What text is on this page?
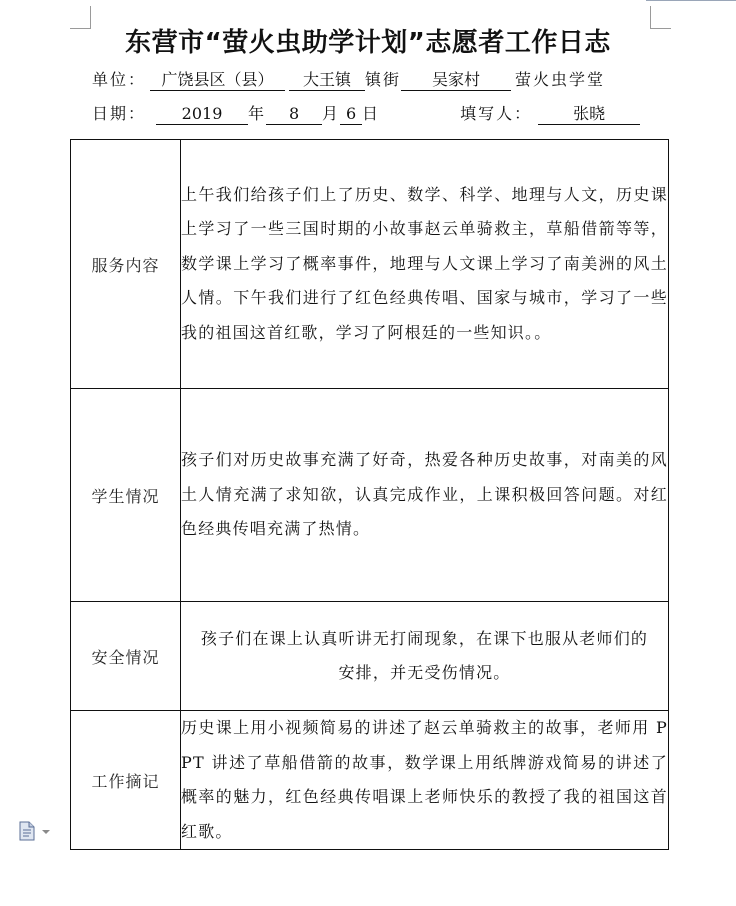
东营市“萤火虫助学计划”志愿者工作日志
单位： 广饶县区（县） 大王镇 镇街 吴家村 萤火虫学堂
日期： 2019 年 8 月 6 日	填写人：	张晓
服务内容	上午我们给孩子们上了历史、数学、科学、地理与人文，历史课上学习了一些三国时期的小故事赵云单骑救主，草船借箭等等，数学课上学习了概率事件，地理与人文课上学习了南美洲的风土人情。下午我们进行了红色经典传唱、国家与城市，学习了一些我的祖国这首红歌，学习了阿根廷的一些知识。。
学生情况	孩子们对历史故事充满了好奇，热爱各种历史故事，对南美的风土人情充满了求知欲，认真完成作业，上课积极回答问题。对红色经典传唱充满了热情。
安全情况	孩子们在课上认真听讲无打闹现象，在课下也服从老师们的
安排，并无受伤情况。

工作摘记	历史课上用小视频简易的讲述了赵云单骑救主的故事，老师用 PPT 讲述了草船借箭的故事，数学课上用纸牌游戏简易的讲述了概率的魅力，红色经典传唱课上老师快乐的教授了我的祖国这首红歌。
